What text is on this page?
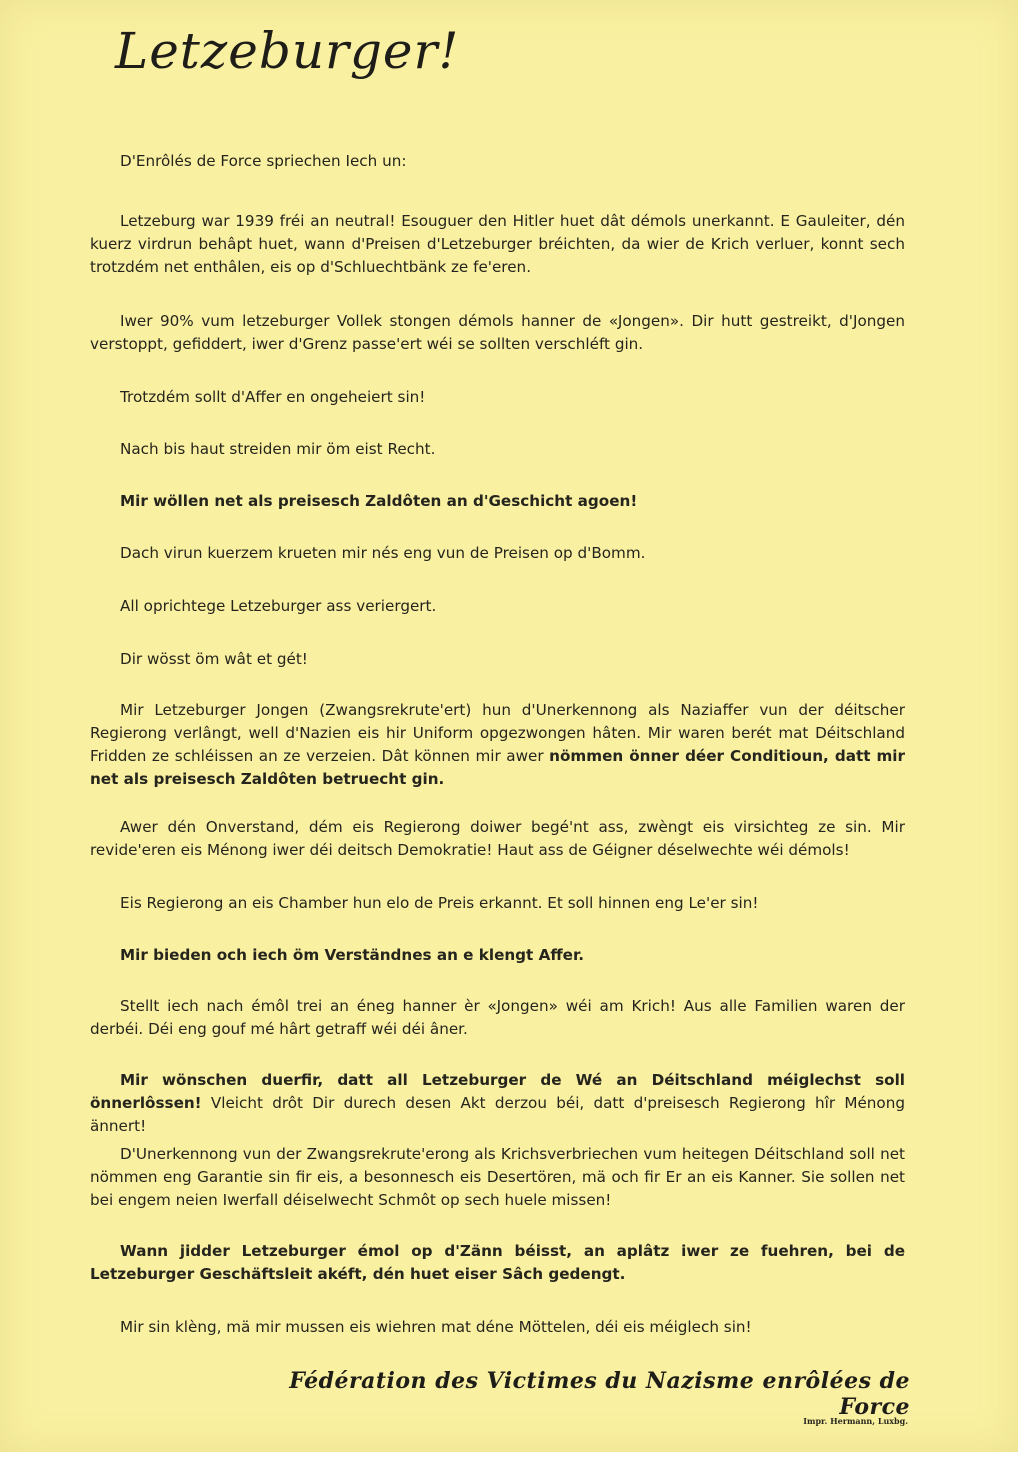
Letzeburger!

D'Enrôlés de Force spriechen Iech un:

Letzeburg war 1939 fréi an neutral! Esouguer den Hitler huet dât démols unerkannt. E Gauleiter, dén kuerz virdrun behâpt huet, wann d'Preisen d'Letzeburger bréichten, da wier de Krich verluer, konnt sech trotzdém net enthâlen, eis op d'Schluechtbänk ze fe'eren.

Iwer 90% vum letzeburger Vollek stongen démols hanner de «Jongen». Dir hutt gestreikt, d'Jongen verstoppt, gefiddert, iwer d'Grenz passe'ert wéi se sollten verschléft gin.

Trotzdém sollt d'Affer en ongeheiert sin!

Nach bis haut streiden mir öm eist Recht.

Mir wöllen net als preisesch Zaldôten an d'Geschicht agoen!

Dach virun kuerzem krueten mir nés eng vun de Preisen op d'Bomm.

All oprichtege Letzeburger ass veriergert.

Dir wösst öm wât et gét!

Mir Letzeburger Jongen (Zwangsrekrute'ert) hun d'Unerkennong als Naziaffer vun der déitscher Regierong verlângt, well d'Nazien eis hir Uniform opgezwongen hâten. Mir waren berét mat Déitschland Fridden ze schléissen an ze verzeien. Dât können mir awer nömmen önner déer Conditioun, datt mir net als preisesch Zaldôten betruecht gin.

Awer dén Onverstand, dém eis Regierong doiwer begé'nt ass, zwèngt eis virsichteg ze sin. Mir revide'eren eis Ménong iwer déi deitsch Demokratie! Haut ass de Géigner déselwechte wéi démols!

Eis Regierong an eis Chamber hun elo de Preis erkannt. Et soll hinnen eng Le'er sin!

Mir bieden och iech öm Verständnes an e klengt Affer.

Stellt iech nach émôl trei an éneg hanner èr «Jongen» wéi am Krich! Aus alle Familien waren der derbéi. Déi eng gouf mé hârt getraff wéi déi âner.

Mir wönschen duerfir, datt all Letzeburger de Wé an Déitschland méiglechst soll önnerlôssen! Vleicht drôt Dir durech desen Akt derzou béi, datt d'preisesch Regierong hîr Ménong ännert!

D'Unerkennong vun der Zwangsrekrute'erong als Krichsverbriechen vum heitegen Déitschland soll net nömmen eng Garantie sin fir eis, a besonnesch eis Desertören, mä och fir Er an eis Kanner. Sie sollen net bei engem neien Iwerfall déiselwecht Schmôt op sech huele missen!

Wann jidder Letzeburger émol op d'Zänn béisst, an aplâtz iwer ze fuehren, bei de Letzeburger Geschäftsleit akéft, dén huet eiser Sâch gedengt.

Mir sin klèng, mä mir mussen eis wiehren mat déne Möttelen, déi eis méiglech sin!

Fédération des Victimes du Nazisme enrôlées de Force

Impr. Hermann, Luxbg.
